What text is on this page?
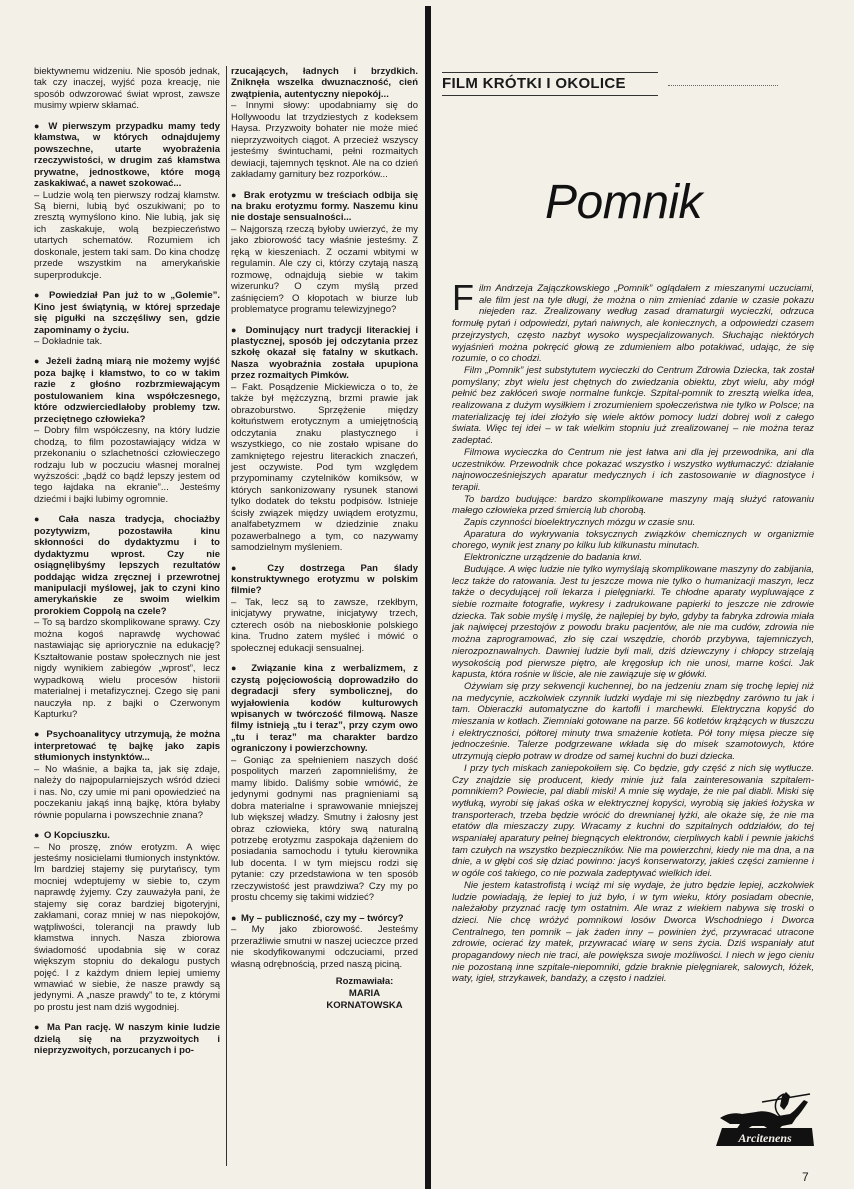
biektywnemu widzeniu. Nie sposób jednak, tak czy inaczej, wyjść poza kreację, nie sposób odwzorować świat wprost, zawsze musimy wpierw skłamać.

● W pierwszym przypadku mamy tedy kłamstwa, w których odnajdujemy powszechne, utarte wyobrażenia rzeczywistości, w drugim zaś kłamstwa prywatne, jednostkowe, które mogą zaskakiwać, a nawet szokować...

– Ludzie wolą ten pierwszy rodzaj kłamstw. Są bierni, lubią być oszukiwani; po to zresztą wymyślono kino. Nie lubią, jak się ich zaskakuje, wolą bezpieczeństwo utartych schematów. Rozumiem ich doskonale, jestem taki sam. Do kina chodzę przede wszystkim na amerykańskie superprodukcje.

● Powiedział Pan już to w „Golemie”. Kino jest świątynią, w której sprzedaje się pigułki na szczęśliwy sen, gdzie zapominamy o życiu.

– Dokładnie tak.

● Jeżeli żadną miarą nie możemy wyjść poza bajkę i kłamstwo, to co w takim razie z głośno rozbrzmiewającym postulowaniem kina współczesnego, które odzwierciedlałoby problemy tzw. przeciętnego człowieka?

– Dobry film współczesny, na który ludzie chodzą, to film pozostawiający widza w przekonaniu o szlachetności człowieczego rodzaju lub w poczuciu własnej moralnej wyższości: „bądź co bądź lepszy jestem od tego łajdaka na ekranie”... Jesteśmy dziećmi i bajki lubimy ogromnie.

● Cała nasza tradycja, chociażby pozytywizm, pozostawiła kinu skłonności do dydaktyzmu i to dydaktyzmu wprost. Czy nie osiągnęlibyśmy lepszych rezultatów poddając widza zręcznej i przewrotnej manipulacji myślowej, jak to czyni kino amerykańskie ze swoim wielkim prorokiem Coppolą na czele?

– To są bardzo skomplikowane sprawy. Czy można kogoś naprawdę wychować nastawiając się apriorycznie na edukację? Kształtowanie postaw społecznych nie jest nigdy wynikiem zabiegów „wprost”, lecz wypadkową wielu procesów historii materialnej i metafizycznej. Czego się pani nauczyła np. z bajki o Czerwonym Kapturku?

● Psychoanalitycy utrzymują, że można interpretować tę bajkę jako zapis stłumionych instynktów...

– No właśnie, a bajka ta, jak się zdaje, należy do najpopularniejszych wśród dzieci i nas. No, czy umie mi pani opowiedzieć na poczekaniu jakąś inną bajkę, która byłaby równie popularna i powszechnie znana?

● O Kopciuszku.

– No proszę, znów erotyzm. A więc jesteśmy nosicielami tłumionych instynktów. Im bardziej stajemy się purytańscy, tym mocniej wdeptujemy w siebie to, czym naprawdę żyjemy. Czy zauważyła pani, że stajemy się coraz bardziej bigoteryjni, zakłamani, coraz mniej w nas niepokojów, wątpliwości, tolerancji na prawdy lub kłamstwa innych. Nasza zbiorowa świadomość upodabnia się w coraz większym stopniu do dekalogu pustych pojęć. I z każdym dniem lepiej umiemy wmawiać w siebie, że nasze prawdy są jedynymi. A „nasze prawdy” to te, z którymi po prostu jest nam dziś wygodniej.

● Ma Pan rację. W naszym kinie ludzie dzielą się na przyzwoitych i nieprzyzwoitych, porzucanych i po-

rzucających, ładnych i brzydkich. Zniknęła wszelka dwuznaczność, cień zwątpienia, autentyczny niepokój...

– Innymi słowy: upodabniamy się do Hollywoodu lat trzydziestych z kodeksem Haysa. Przyzwoity bohater nie może mieć nieprzyzwoitych ciągot. A przecież wszyscy jesteśmy świntuchami, pełni rozmaitych dewiacji, tajemnych tęsknot. Ale na co dzień zakładamy garnitury bez rozporków...

● Brak erotyzmu w treściach odbija się na braku erotyzmu formy. Naszemu kinu nie dostaje sensualności...

– Najgorszą rzeczą byłoby uwierzyć, że my jako zbiorowość tacy właśnie jesteśmy. Z ręką w kieszeniach. Z oczami wbitymi w regulamin. Ale czy ci, którzy czytają naszą rozmowę, odnajdują siebie w takim wizerunku? O czym myślą przed zaśnięciem? O kłopotach w biurze lub problematyce programu telewizyjnego?

● Dominujący nurt tradycji literackiej i plastycznej, sposób jej odczytania przez szkołę okazał się fatalny w skutkach. Nasza wyobraźnia została upupiona przez rozmaitych Pimków.

– Fakt. Posądzenie Mickiewicza o to, że także był mężczyzną, brzmi prawie jak obrazoburstwo. Sprzężenie między kołtuństwem erotycznym a umiejętnością odczytania znaku plastycznego i wszystkiego, co nie zostało wpisane do zamkniętego rejestru literackich znaczeń, jest oczywiste. Pod tym względem przypominamy czytelników komiksów, w których sankonizowany rysunek stanowi tylko dodatek do tekstu podpisów. Istnieje ścisły związek między uwiądem erotyzmu, analfabetyzmem w dziedzinie znaku pozawerbalnego a tym, co nazywamy samodzielnym myśleniem.

● Czy dostrzega Pan ślady konstruktywnego erotyzmu w polskim filmie?

– Tak, lecz są to zawsze, rzekłbym, inicjatywy prywatne, inicjatywy trzech, czterech osób na nieboskłonie polskiego kina. Trudno zatem myśleć i mówić o społecznej edukacji sensualnej.

● Związanie kina z werbalizmem, z czystą pojęciowością doprowadziło do degradacji sfery symbolicznej, do wyjałowienia kodów kulturowych wpisanych w twórczość filmową. Nasze filmy istnieją „tu i teraz”, przy czym owo „tu i teraz” ma charakter bardzo ograniczony i powierzchowny.

– Goniąc za spełnieniem naszych dość pospolitych marzeń zapomnieliśmy, że mamy libido. Daliśmy sobie wmówić, że jedynymi godnymi nas pragnieniami są dobra materialne i sprawowanie mniejszej lub większej władzy. Smutny i żałosny jest obraz człowieka, który swą naturalną potrzebę erotyzmu zaspokaja dążeniem do posiadania samochodu i tytułu kierownika lub docenta. I w tym miejscu rodzi się pytanie: czy przedstawiona w ten sposób rzeczywistość jest prawdziwa? Czy my po prostu chcemy się takimi widzieć?

● My – publiczność, czy my – twórcy?

– My jako zbiorowość. Jesteśmy przeraźliwie smutni w naszej ucieczce przed nie skodyfikowanymi odczuciami, przed własną odrębnością, przed naszą piciną.

Rozmawiała:
MARIA KORNATOWSKA
FILM KRÓTKI I OKOLICE
Pomnik

Film Andrzeja Zajączkowskiego „Pomnik” oglądałem z mieszanymi uczuciami, ale film jest na tyle długi, że można o nim zmieniać zdanie w czasie pokazu niejeden raz. Zrealizowany według zasad dramaturgii wycieczki, odrzuca formułę pytań i odpowiedzi, pytań naiwnych, ale koniecznych, a odpowiedzi czasem przejrzystych, często nazbyt wysoko wyspecjalizowanych. Słuchając niektórych wyjaśnień można pokręcić głową ze zdumieniem albo potakiwać, udając, że się rozumie, o co chodzi.

Film „Pomnik” jest substytutem wycieczki do Centrum Zdrowia Dziecka, tak został pomyślany; zbyt wielu jest chętnych do zwiedzania obiektu, zbyt wielu, aby mógł pełnić bez zakłóceń swoje normalne funkcje. Szpital-pomnik to zresztą wielka idea, realizowana z dużym wysiłkiem i zrozumieniem społeczeństwa nie tylko w Polsce; na materializację tej idei złożyło się wiele aktów pomocy ludzi dobrej woli z całego świata. Więc tej idei – w tak wielkim stopniu już zrealizowanej – nie można teraz zadeptać.

Filmowa wycieczka do Centrum nie jest łatwa ani dla jej przewodnika, ani dla uczestników. Przewodnik chce pokazać wszystko i wszystko wytłumaczyć: działanie najnowocześniejszych aparatur medycznych i ich zastosowanie w diagnostyce i terapii.

To bardzo budujące: bardzo skomplikowane maszyny mają służyć ratowaniu małego człowieka przed śmiercią lub chorobą.

Zapis czynności bioelektrycznych mózgu w czasie snu.

Aparatura do wykrywania toksycznych związków chemicznych w organizmie chorego, wynik jest znany po kilku lub kilkunastu minutach.

Elektroniczne urządzenie do badania krwi.

Budujące. A więc ludzie nie tylko wymyślają skomplikowane maszyny do zabijania, lecz także do ratowania. Jest tu jeszcze mowa nie tylko o humanizacji maszyn, lecz także o decydującej roli lekarza i pielęgniarki. Te chłodne aparaty wypluwające z siebie rozmaite fotografie, wykresy i zadrukowane papierki to jeszcze nie zdrowie dziecka. Tak sobie myślę i myślę, że najlepiej by było, gdyby ta fabryka zdrowia miała jak najwięcej przestojów z powodu braku pacjentów, ale nie ma cudów, zdrowia nie można zaprogramować, zło się czai wszędzie, chorób przybywa, tajemniczych, nierozpoznawalnych. Dawniej ludzie byli mali, dziś dziewczyny i chłopcy strzelają wysokością pod pierwsze piętro, ale kręgosłup ich nie unosi, marne kości. Jak kapusta, która rośnie w liście, ale nie zawiązuje się w główki.

Ożywiam się przy sekwencji kuchennej, bo na jedzeniu znam się trochę lepiej niż na medycynie, aczkolwiek czynnik ludzki wydaje mi się niezbędny zarówno tu jak i tam. Obieraczki automatyczne do kartofli i marchewki. Elektryczna kopyść do mieszania w kotłach. Ziemniaki gotowane na parze. 56 kotletów krążących w tłuszczu i elektryczności, półtorej minuty trwa smażenie kotleta. Pół tony mięsa piecze się jednocześnie. Talerze podgrzewane wkłada się do misek szamotowych, które utrzymują ciepło potraw w drodze od samej kuchni do buzi dziecka.

I przy tych miskach zaniepokoiłem się. Co będzie, gdy część z nich się wytłucze. Czy znajdzie się producent, kiedy minie już fala zainteresowania szpitalem-pomnikiem? Powiecie, pal diabli miski! A mnie się wydaje, że nie pal diabli. Miski się wytłuką, wyrobi się jakaś ośka w elektrycznej kopyści, wyrobią się jakieś łożyska w transporterach, trzeba będzie wrócić do drewnianej łyżki, ale okaże się, że nie ma etatów dla mieszaczy zupy. Wracamy z kuchni do szpitalnych oddziałów, do tej wspaniałej aparatury pełnej biegnących elektronów, cierpliwych kabli i pewnie jakichś tam czułych na wszystko bezpieczników. Nie ma powierzchni, kiedy nie ma dna, a na dnie, a w głębi coś się dziać powinno: jacyś konserwatorzy, jakieś części zamienne i w ogóle coś takiego, co nie pozwala zadeptywać wielkich idei.

Nie jestem katastrofistą i wciąż mi się wydaje, że jutro będzie lepiej, aczkolwiek ludzie powiadają, że lepiej to już było, i w tym wieku, który posiadam obecnie, należałoby przyznać rację tym ostatnim. Ale wraz z wiekiem nabywa się troski o dzieci. Nie chcę wróżyć pomnikowi losów Dworca Wschodniego i Dworca Centralnego, ten pomnik – jak żaden inny – powinien żyć, przywracać utracone zdrowie, ocierać łzy matek, przywracać wiarę w sens życia. Dziś wspaniały atut propagandowy niech nie traci, ale powiększa swoje możliwości. I niech w jego cieniu nie pozostaną inne szpitale-niepomniki, gdzie braknie pielęgniarek, salowych, łóżek, waty, igieł, strzykawek, bandaży, a często i nadziei.

Arcitenens
7
